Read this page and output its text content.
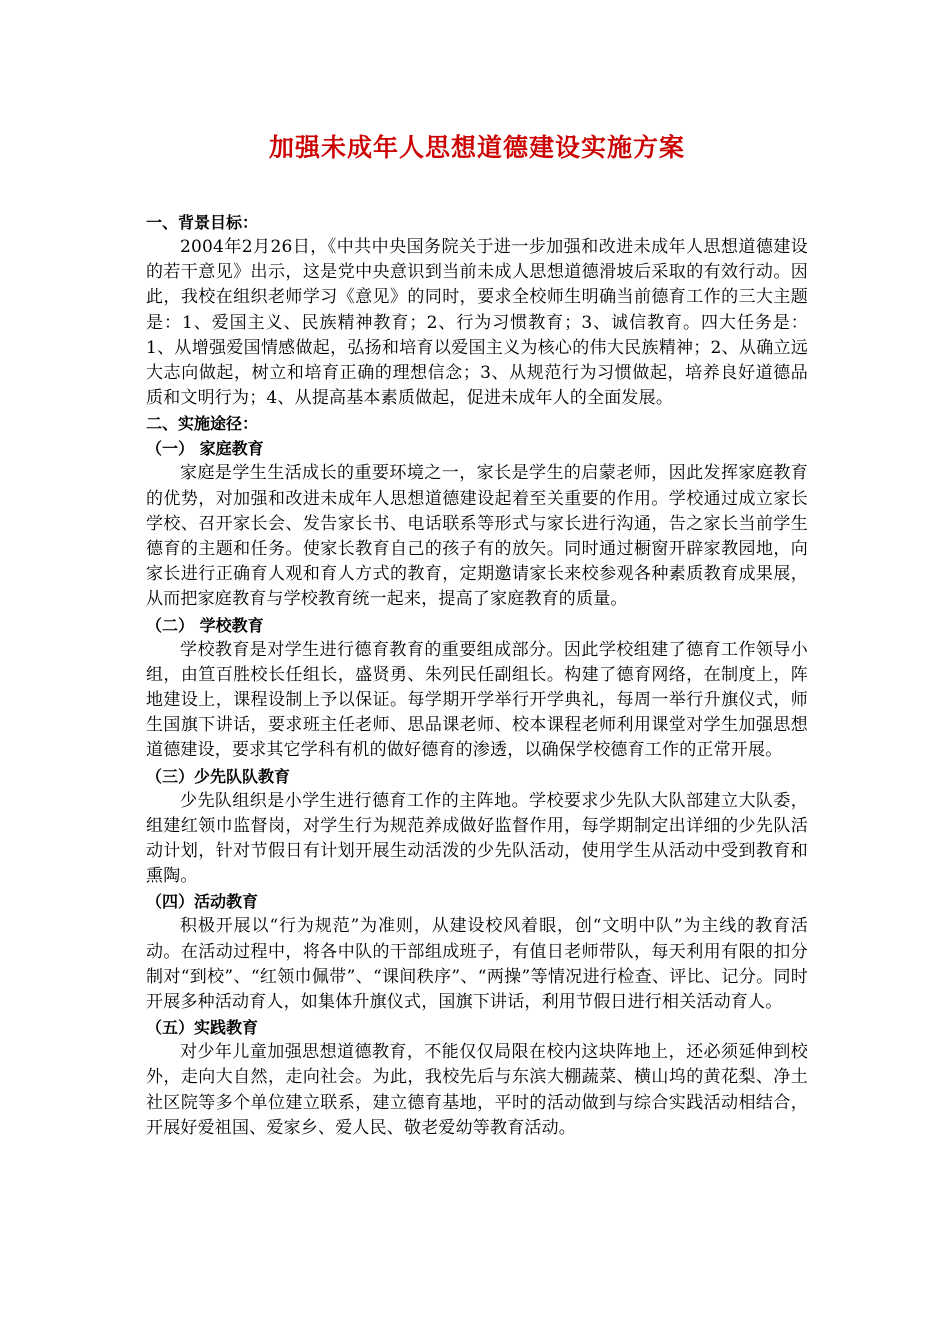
加强未成年人思想道德建设实施方案

一、背景目标：

2004年2月26日，《中共中央国务院关于进一步加强和改进未成年人思想道德建设的若干意见》出示，这是党中央意识到当前未成人思想道德滑坡后采取的有效行动。因此，我校在组织老师学习《意见》的同时，要求全校师生明确当前德育工作的三大主题是：1、爱国主义、民族精神教育；2、行为习惯教育；3、诚信教育。四大任务是：1、从增强爱国情感做起，弘扬和培育以爱国主义为核心的伟大民族精神；2、从确立远大志向做起，树立和培育正确的理想信念；3、从规范行为习惯做起，培养良好道德品质和文明行为；4、从提高基本素质做起，促进未成年人的全面发展。

二、实施途径：

（一） 家庭教育

家庭是学生生活成长的重要环境之一，家长是学生的启蒙老师，因此发挥家庭教育的优势，对加强和改进未成年人思想道德建设起着至关重要的作用。学校通过成立家长学校、召开家长会、发告家长书、电话联系等形式与家长进行沟通，告之家长当前学生德育的主题和任务。使家长教育自己的孩子有的放矢。同时通过橱窗开辟家教园地，向家长进行正确育人观和育人方式的教育，定期邀请家长来校参观各种素质教育成果展，从而把家庭教育与学校教育统一起来，提高了家庭教育的质量。

（二） 学校教育

学校教育是对学生进行德育教育的重要组成部分。因此学校组建了德育工作领导小组，由笪百胜校长任组长，盛贤勇、朱列民任副组长。构建了德育网络，在制度上，阵地建设上，课程设制上予以保证。每学期开学举行开学典礼，每周一举行升旗仪式，师生国旗下讲话，要求班主任老师、思品课老师、校本课程老师利用课堂对学生加强思想道德建设，要求其它学科有机的做好德育的渗透，以确保学校德育工作的正常开展。

（三）少先队队教育

少先队组织是小学生进行德育工作的主阵地。学校要求少先队大队部建立大队委，组建红领巾监督岗，对学生行为规范养成做好监督作用，每学期制定出详细的少先队活动计划，针对节假日有计划开展生动活泼的少先队活动，使用学生从活动中受到教育和熏陶。

（四）活动教育

积极开展以“行为规范”为准则，从建设校风着眼，创“文明中队”为主线的教育活动。在活动过程中，将各中队的干部组成班子，有值日老师带队，每天利用有限的扣分制对“到校”、“红领巾佩带”、“课间秩序”、“两操”等情况进行检查、评比、记分。同时开展多种活动育人，如集体升旗仪式，国旗下讲话，利用节假日进行相关活动育人。

（五）实践教育

对少年儿童加强思想道德教育，不能仅仅局限在校内这块阵地上，还必须延伸到校外，走向大自然，走向社会。为此，我校先后与东滨大棚蔬菜、横山坞的黄花梨、净土社区院等多个单位建立联系，建立德育基地，平时的活动做到与综合实践活动相结合，开展好爱祖国、爱家乡、爱人民、敬老爱幼等教育活动。
